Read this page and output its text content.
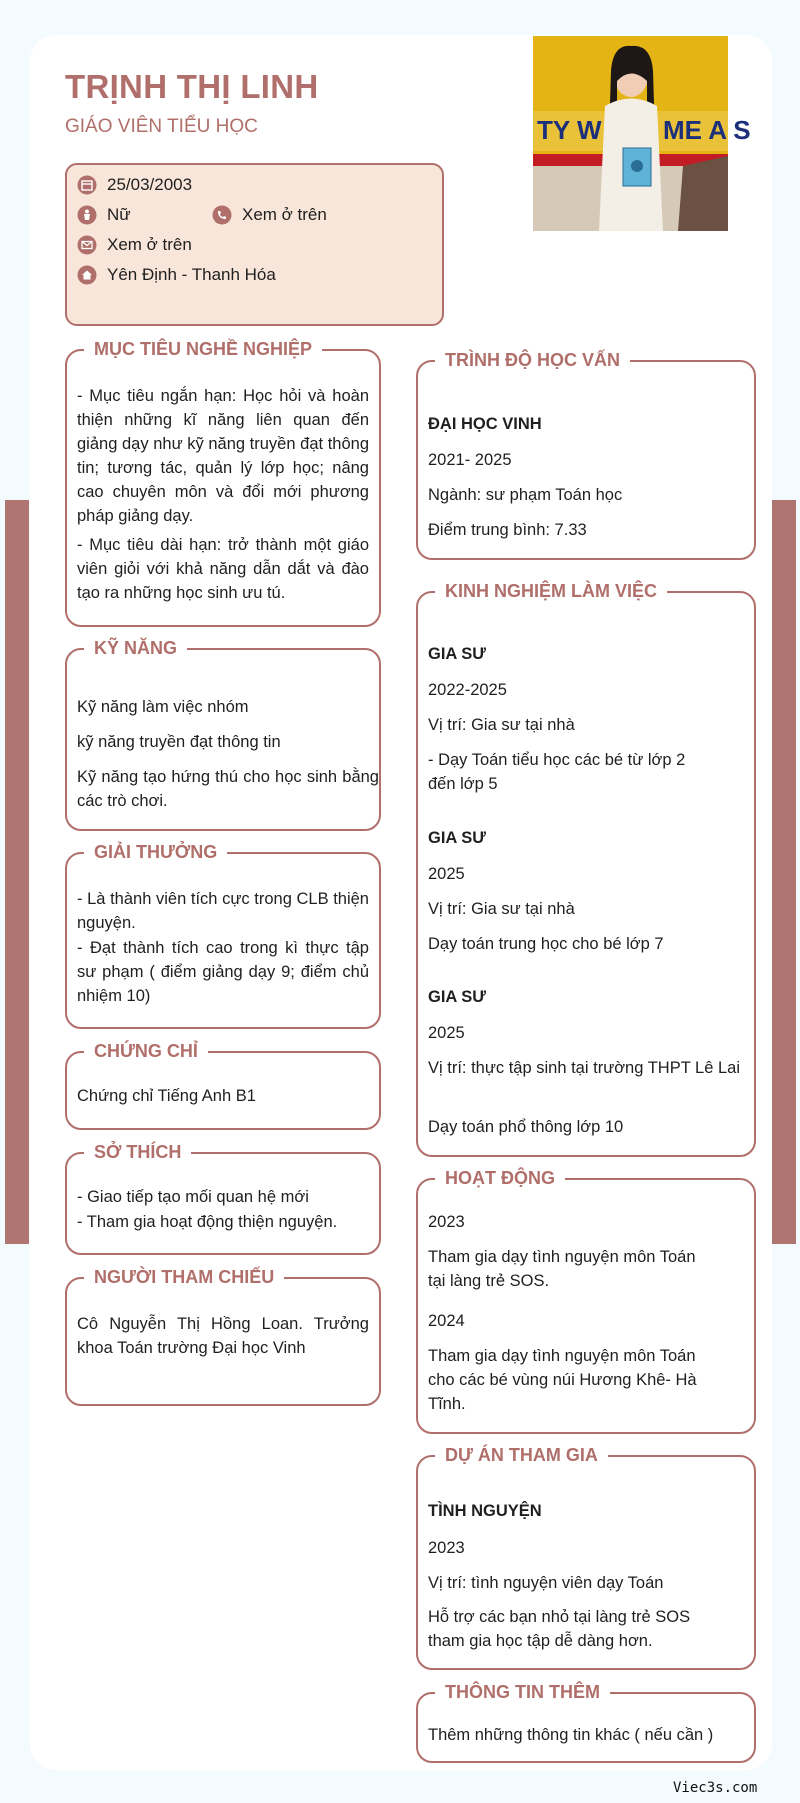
TRỊNH THỊ LINH
GIÁO VIÊN TIỂU HỌC	TY W ME A S
25/03/2003
Nữ	Xem ở trên
Xem ở trên
Yên Định - Thanh Hóa
MỤC TIÊU NGHỀ NGHIỆP
- Mục tiêu ngắn hạn: Học hỏi và hoàn thiện những kĩ năng liên quan đến giảng dạy như kỹ năng truyền đạt thông tin; tương tác, quản lý lớp học; nâng cao chuyên môn và đổi mới phương pháp giảng dạy.
- Mục tiêu dài hạn: trở thành một giáo viên giỏi với khả năng dẫn dắt và đào tạo ra những học sinh ưu tú.
KỸ NĂNG
Kỹ năng làm việc nhóm
kỹ năng truyền đạt thông tin
Kỹ năng tạo hứng thú cho học sinh bằng các trò chơi.
GIẢI THƯỞNG
- Là thành viên tích cực trong CLB thiện nguyện.
- Đạt thành tích cao trong kì thực tập sư phạm ( điểm giảng dạy 9; điểm chủ nhiệm 10)
CHỨNG CHỈ
Chứng chỉ Tiếng Anh B1
SỞ THÍCH
- Giao tiếp tạo mối quan hệ mới
- Tham gia hoạt động thiện nguyện.
NGƯỜI THAM CHIẾU
Cô Nguyễn Thị Hồng Loan. Trưởng khoa Toán trường Đại học Vinh
TRÌNH ĐỘ HỌC VẤN
ĐẠI HỌC VINH
2021- 2025
Ngành: sư phạm Toán học
Điểm trung bình: 7.33
KINH NGHIỆM LÀM VIỆC
GIA SƯ
2022-2025
Vị trí: Gia sư tại nhà
- Dạy Toán tiểu học các bé từ lớp 2 đến lớp 5
GIA SƯ
2025
Vị trí: Gia sư tại nhà
Dạy toán trung học cho bé lớp 7
GIA SƯ
2025
Vị trí: thực tập sinh tại trường THPT Lê Lai
Dạy toán phổ thông lớp 10
HOẠT ĐỘNG
2023
Tham gia dạy tình nguyện môn Toán tại làng trẻ SOS.
2024
Tham gia dạy tình nguyện môn Toán cho các bé vùng núi Hương Khê- Hà Tĩnh.
DỰ ÁN THAM GIA
TÌNH NGUYỆN
2023
Vị trí: tình nguyện viên dạy Toán
Hỗ trợ các bạn nhỏ tại làng trẻ SOS tham gia học tập dễ dàng hơn.
THÔNG TIN THÊM
Thêm những thông tin khác ( nếu cần )
Viec3s.com
